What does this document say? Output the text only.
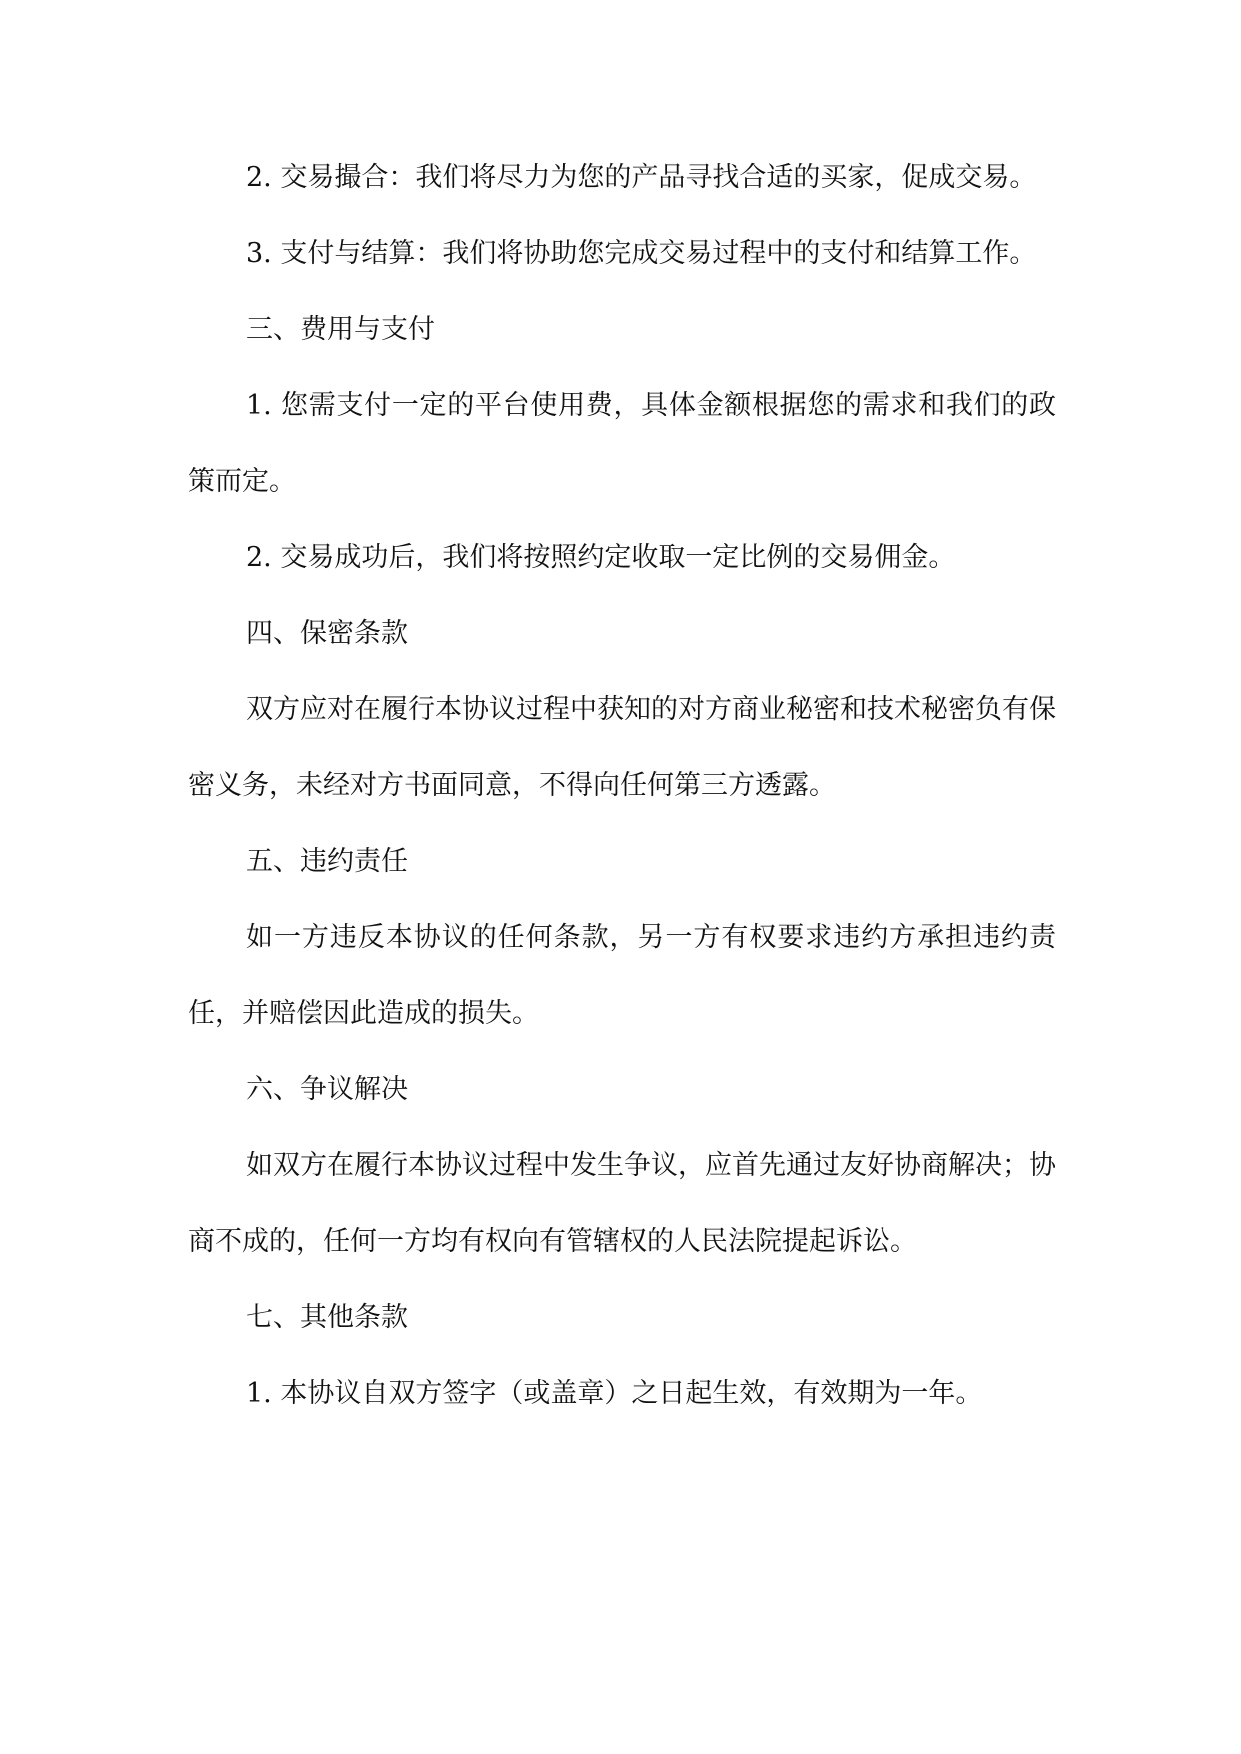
2. 交易撮合：我们将尽力为您的产品寻找合适的买家，促成交易。

3. 支付与结算：我们将协助您完成交易过程中的支付和结算工作。

三、费用与支付

1. 您需支付一定的平台使用费，具体金额根据您的需求和我们的政策而定。

2. 交易成功后，我们将按照约定收取一定比例的交易佣金。

四、保密条款

双方应对在履行本协议过程中获知的对方商业秘密和技术秘密负有保密义务，未经对方书面同意，不得向任何第三方透露。

五、违约责任

如一方违反本协议的任何条款，另一方有权要求违约方承担违约责任，并赔偿因此造成的损失。

六、争议解决

如双方在履行本协议过程中发生争议，应首先通过友好协商解决；协商不成的，任何一方均有权向有管辖权的人民法院提起诉讼。

七、其他条款

1. 本协议自双方签字（或盖章）之日起生效，有效期为一年。
